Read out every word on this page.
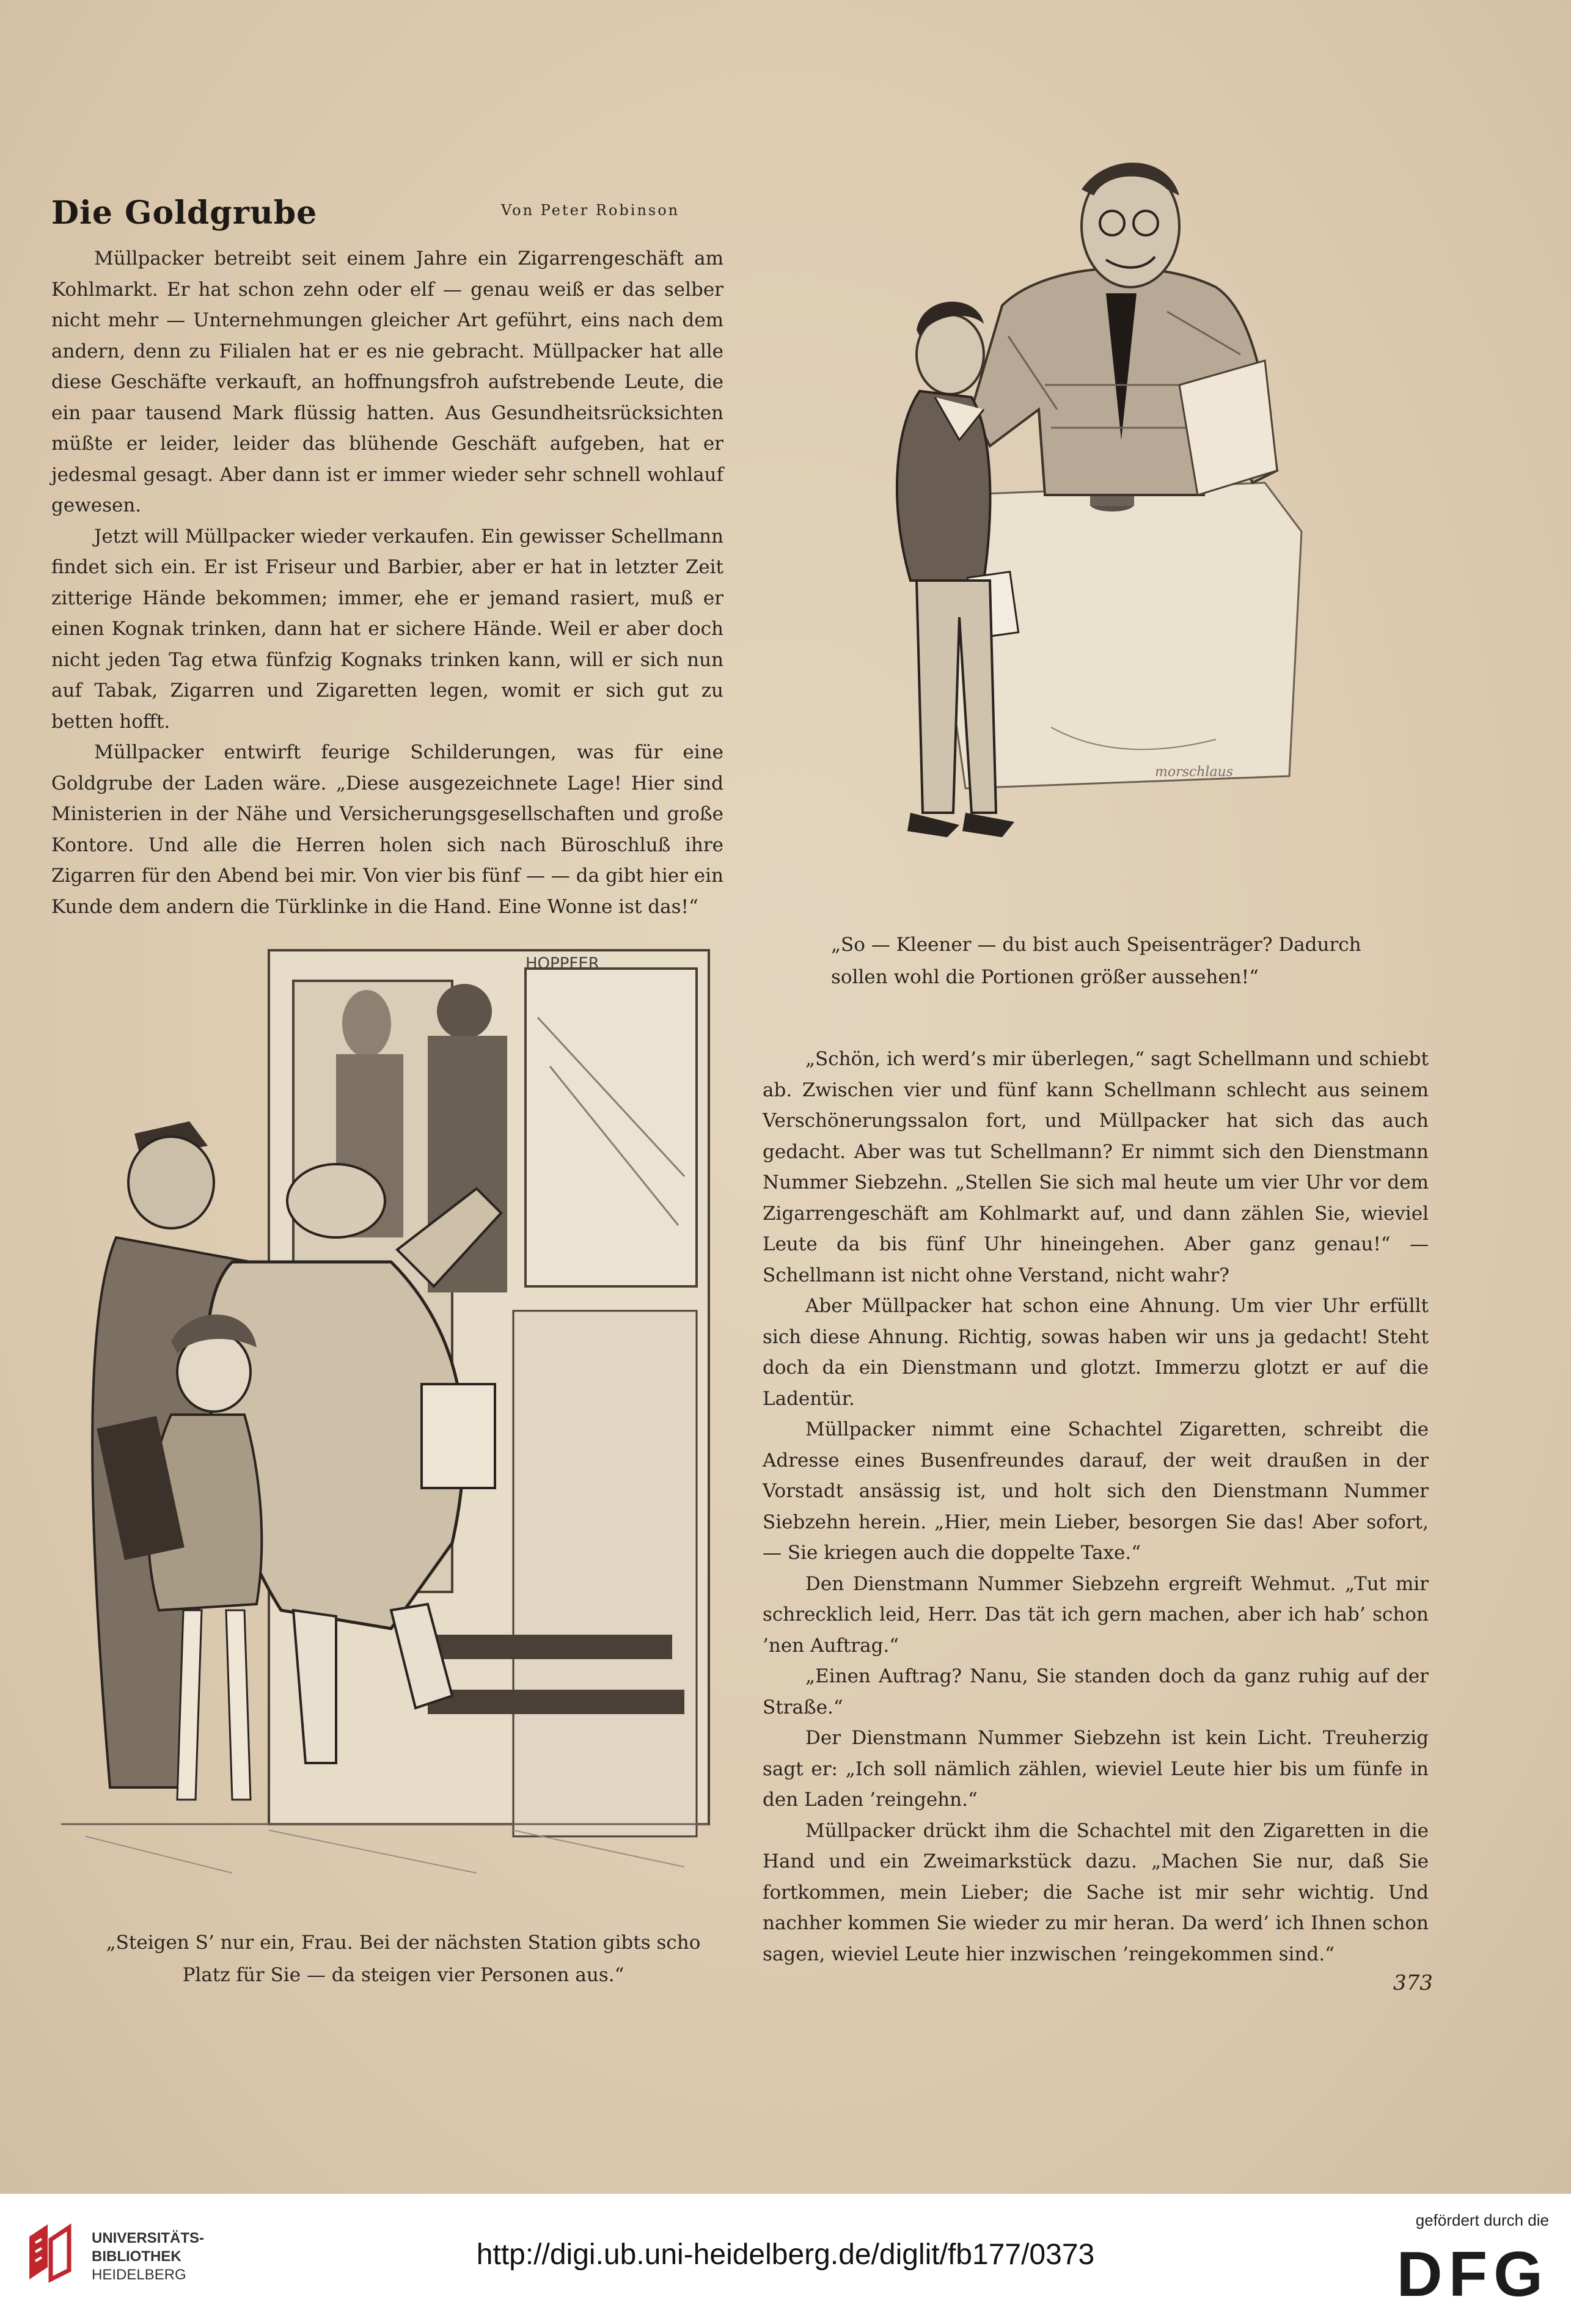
Die Goldgrube	Von Peter Robinson

Müllpacker betreibt seit einem Jahre ein Zigarrengeschäft am Kohlmarkt. Er hat schon zehn oder elf — genau weiß er das selber nicht mehr — Unternehmungen gleicher Art geführt, eins nach dem andern, denn zu Filialen hat er es nie gebracht. Müllpacker hat alle diese Geschäfte verkauft, an hoffnungsfroh aufstrebende Leute, die ein paar tausend Mark flüssig hatten. Aus Gesundheitsrücksichten müßte er leider, leider das blühende Geschäft aufgeben, hat er jedesmal gesagt. Aber dann ist er immer wieder sehr schnell wohlauf gewesen.

Jetzt will Müllpacker wieder verkaufen. Ein gewisser Schellmann findet sich ein. Er ist Friseur und Barbier, aber er hat in letzter Zeit zitterige Hände bekommen; immer, ehe er jemand rasiert, muß er einen Kognak trinken, dann hat er sichere Hände. Weil er aber doch nicht jeden Tag etwa fünfzig Kognaks trinken kann, will er sich nun auf Tabak, Zigarren und Zigaretten legen, womit er sich gut zu betten hofft.

Müllpacker entwirft feurige Schilderungen, was für eine Goldgrube der Laden wäre. „Diese ausgezeichnete Lage! Hier sind Ministerien in der Nähe und Versicherungsgesellschaften und große Kontore. Und alle die Herren holen sich nach Büroschluß ihre Zigarren für den Abend bei mir. Von vier bis fünf — — da gibt hier ein Kunde dem andern die Türklinke in die Hand. Eine Wonne ist das!“

morschlaus
„So — Kleener — du bist auch Speisenträger? Dadurch sollen wohl die Portionen größer aussehen!“

„Schön, ich werd’s mir überlegen,“ sagt Schellmann und schiebt ab. Zwischen vier und fünf kann Schellmann schlecht aus seinem Verschönerungssalon fort, und Müllpacker hat sich das auch gedacht. Aber was tut Schellmann? Er nimmt sich den Dienstmann Nummer Siebzehn. „Stellen Sie sich mal heute um vier Uhr vor dem Zigarrengeschäft am Kohlmarkt auf, und dann zählen Sie, wieviel Leute da bis fünf Uhr hineingehen. Aber ganz genau!“ — Schellmann ist nicht ohne Verstand, nicht wahr?

Aber Müllpacker hat schon eine Ahnung. Um vier Uhr erfüllt sich diese Ahnung. Richtig, sowas haben wir uns ja gedacht! Steht doch da ein Dienstmann und glotzt. Immerzu glotzt er auf die Ladentür.

Müllpacker nimmt eine Schachtel Zigaretten, schreibt die Adresse eines Busenfreundes darauf, der weit draußen in der Vorstadt ansässig ist, und holt sich den Dienstmann Nummer Siebzehn herein. „Hier, mein Lieber, besorgen Sie das! Aber sofort, — Sie kriegen auch die doppelte Taxe.“

Den Dienstmann Nummer Siebzehn ergreift Wehmut. „Tut mir schrecklich leid, Herr. Das tät ich gern machen, aber ich hab’ schon ’nen Auftrag.“

„Einen Auftrag? Nanu, Sie standen doch da ganz ruhig auf der Straße.“

Der Dienstmann Nummer Siebzehn ist kein Licht. Treuherzig sagt er: „Ich soll nämlich zählen, wieviel Leute hier bis um fünfe in den Laden ’reingehn.“

Müllpacker drückt ihm die Schachtel mit den Zigaretten in die Hand und ein Zweimarkstück dazu. „Machen Sie nur, daß Sie fortkommen, mein Lieber; die Sache ist mir sehr wichtig. Und nachher kommen Sie wieder zu mir heran. Da werd’ ich Ihnen schon sagen, wieviel Leute hier inzwischen ’reingekommen sind.“

HOPPFER
„Steigen S’ nur ein, Frau. Bei der nächsten Station gibts scho Platz für Sie — da steigen vier Personen aus.“	373
UNIVERSITÄTS-
BIBLIOTHEK
HEIDELBERG
http://digi.ub.uni-heidelberg.de/diglit/fb177/0373
gefördert durch die
DFG
